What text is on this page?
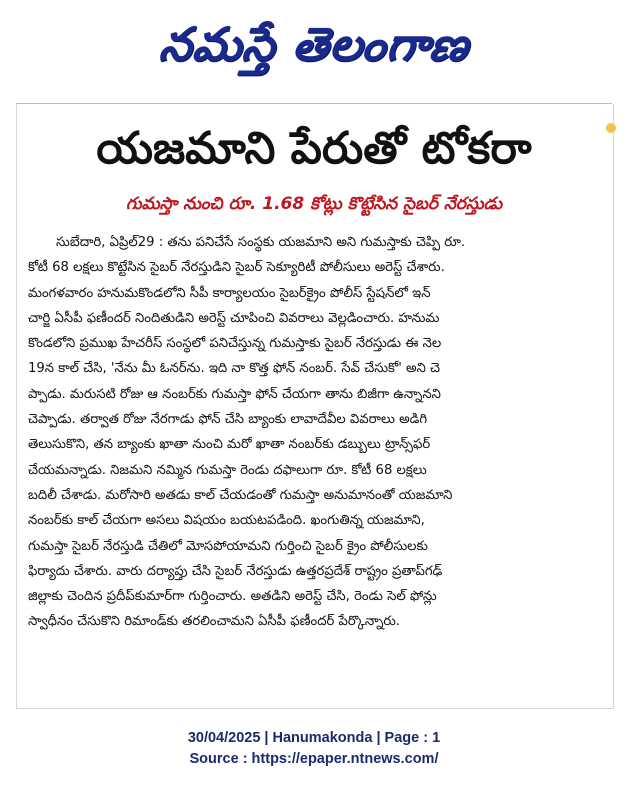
నమస్తే తెలంగాణ
యజమాని పేరుతో టోకరా
గుమస్తా నుంచి రూ. 1.68 కోట్లు కొట్టేసిన సైబర్ నేరస్తుడు
సుబేదారి, ఏప్రిల్29 : తను పనిచేసే సంస్థకు యజమాని అని గుమస్తాకు చెప్పి రూ.
కోటీ 68 లక్షలు కొట్టేసిన సైబర్ నేరస్తుడిని సైబర్ సెక్యూరిటీ పోలీసులు అరెస్ట్ చేశారు.
మంగళవారం హనుమకొండలోని సీపీ కార్యాలయం సైబర్‌క్రైం పోలీస్ స్టేషన్‌లో ఇన్
చార్జి ఏసీపీ ఫణీందర్ నిందితుడిని అరెస్ట్ చూపించి వివరాలు వెల్లడించారు. హనుమ
కొండలోని ప్రముఖ హేచరీస్ సంస్థలో పనిచేస్తున్న గుమస్తాకు సైబర్ నేరస్తుడు ఈ నెల
19న కాల్ చేసి, 'నేను మీ ఓనర్‌ను. ఇది నా కొత్త ఫోన్ నంబర్. సేవ్ చేసుకో' అని చె
ప్పాడు. మరుసటి రోజు ఆ నంబర్‌కు గుమస్తా ఫోన్ చేయగా తాను బిజీగా ఉన్నానని
చెప్పాడు. తర్వాత రోజు నేరగాడు ఫోన్ చేసి బ్యాంకు లావాదేవీల వివరాలు అడిగి
తెలుసుకొని, తన బ్యాంకు ఖాతా నుంచి మరో ఖాతా నంబర్‌కు డబ్బులు ట్రాన్స్‌ఫర్
చేయమన్నాడు. నిజమని నమ్మిన గుమస్తా రెండు దఫాలుగా రూ. కోటీ 68 లక్షలు
బదిలీ చేశాడు. మరోసారి అతడు కాల్ చేయడంతో గుమస్తా అనుమానంతో యజమాని
నంబర్‌కు కాల్ చేయగా అసలు విషయం బయటపడింది. ఖంగుతిన్న యజమాని,
గుమస్తా సైబర్ నేరస్తుడి చేతిలో మోసపోయామని గుర్తించి సైబర్ క్రైం పోలీసులకు
ఫిర్యాదు చేశారు. వారు దర్యాప్తు చేసి సైబర్ నేరస్తుడు ఉత్తరప్రదేశ్ రాష్ట్రం ప్రతాప్‌గఢ్
జిల్లాకు చెందిన ప్రదీప్‌కుమార్‌గా గుర్తించారు. అతడిని అరెస్ట్ చేసి, రెండు సెల్ ఫోన్లు
స్వాధీనం చేసుకొని రిమాండ్‌కు తరలించామని ఏసీపీ ఫణీందర్ పేర్కొన్నారు.
30/04/2025 | Hanumakonda | Page : 1
Source : https://epaper.ntnews.com/
